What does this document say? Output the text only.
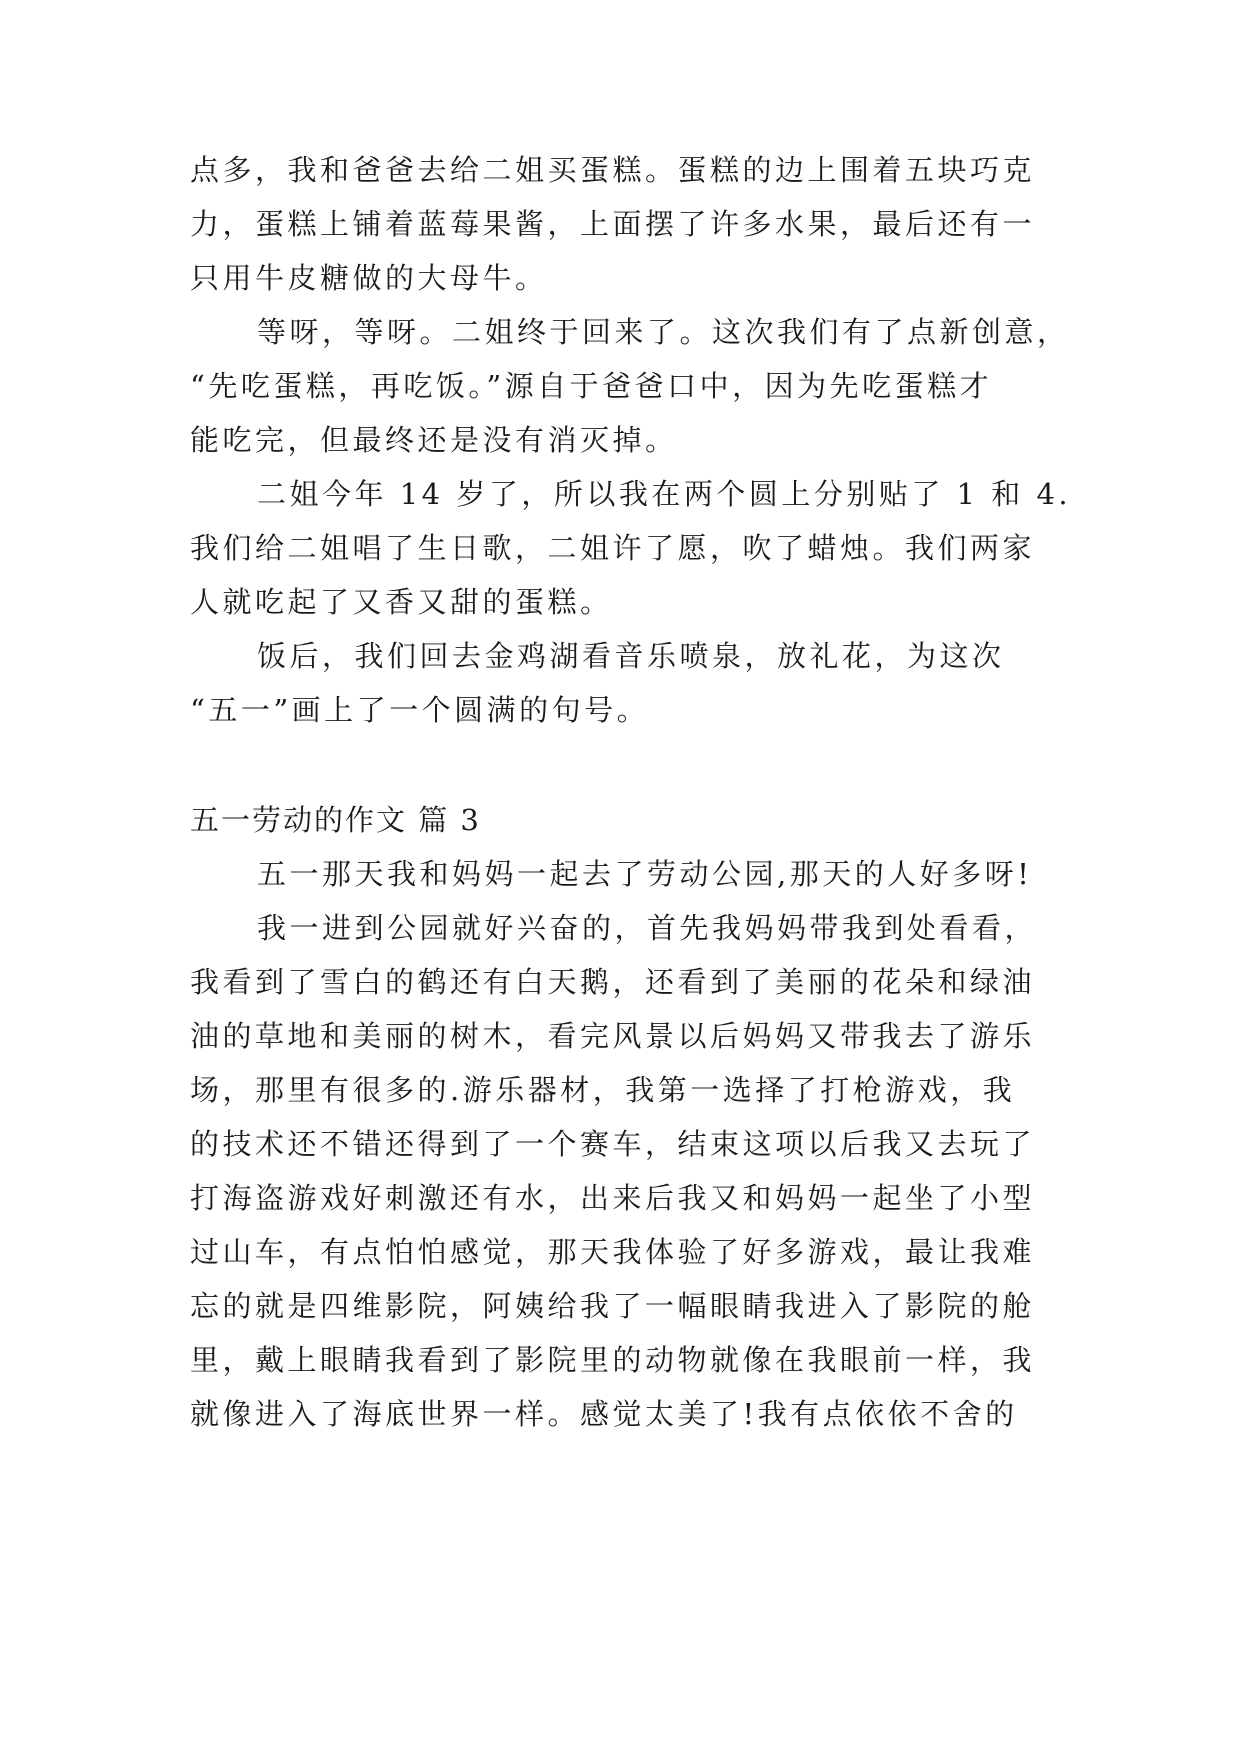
点多，我和爸爸去给二姐买蛋糕。蛋糕的边上围着五块巧克
力，蛋糕上铺着蓝莓果酱，上面摆了许多水果，最后还有一
只用牛皮糖做的大母牛。
等呀，等呀。二姐终于回来了。这次我们有了点新创意，
“先吃蛋糕，再吃饭。”源自于爸爸口中，因为先吃蛋糕才
能吃完，但最终还是没有消灭掉。
二姐今年 14 岁了，所以我在两个圆上分别贴了 1 和 4.
我们给二姐唱了生日歌，二姐许了愿，吹了蜡烛。我们两家
人就吃起了又香又甜的蛋糕。
饭后，我们回去金鸡湖看音乐喷泉，放礼花，为这次
“五一”画上了一个圆满的句号。
五一劳动的作文 篇 3
五一那天我和妈妈一起去了劳动公园,那天的人好多呀!
我一进到公园就好兴奋的，首先我妈妈带我到处看看，
我看到了雪白的鹤还有白天鹅，还看到了美丽的花朵和绿油
油的草地和美丽的树木，看完风景以后妈妈又带我去了游乐
场，那里有很多的.游乐器材，我第一选择了打枪游戏，我
的技术还不错还得到了一个赛车，结束这项以后我又去玩了
打海盗游戏好刺激还有水，出来后我又和妈妈一起坐了小型
过山车，有点怕怕感觉，那天我体验了好多游戏，最让我难
忘的就是四维影院，阿姨给我了一幅眼睛我进入了影院的舱
里，戴上眼睛我看到了影院里的动物就像在我眼前一样，我
就像进入了海底世界一样。感觉太美了!我有点依依不舍的
